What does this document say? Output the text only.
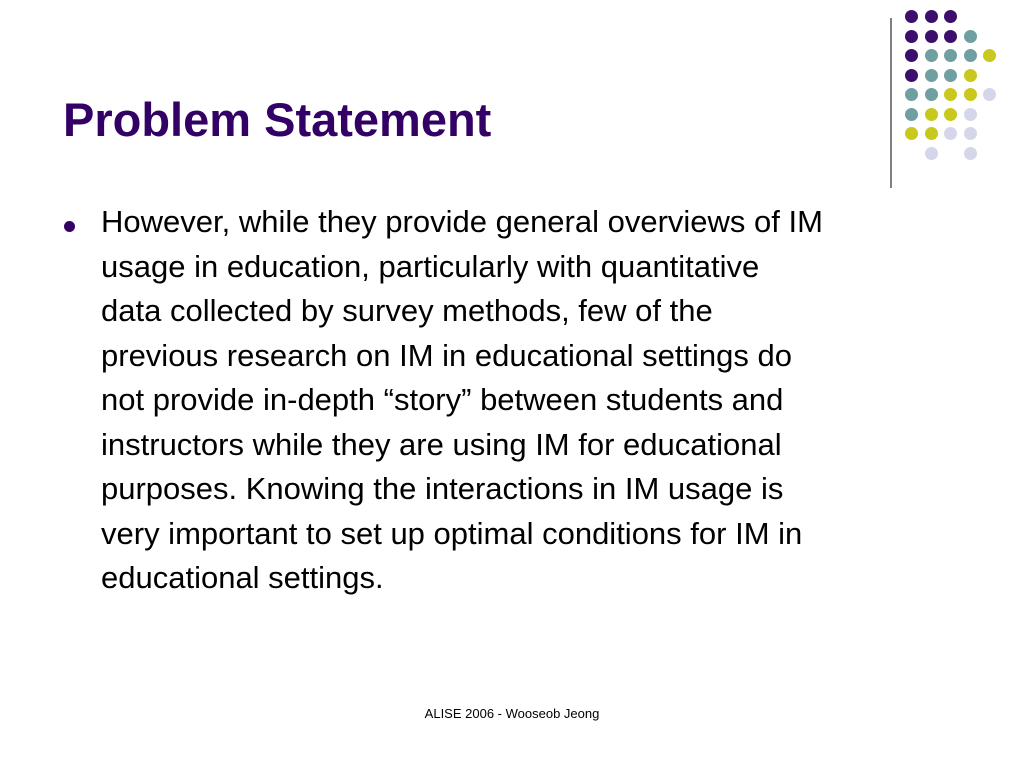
Problem Statement
However, while they provide general overviews of IM
usage in education, particularly with quantitative
data collected by survey methods, few of the
previous research on IM in educational settings do
not provide in-depth “story” between students and
instructors while they are using IM for educational
purposes. Knowing the interactions in IM usage is
very important to set up optimal conditions for IM in
educational settings.
ALISE 2006 - Wooseob Jeong
